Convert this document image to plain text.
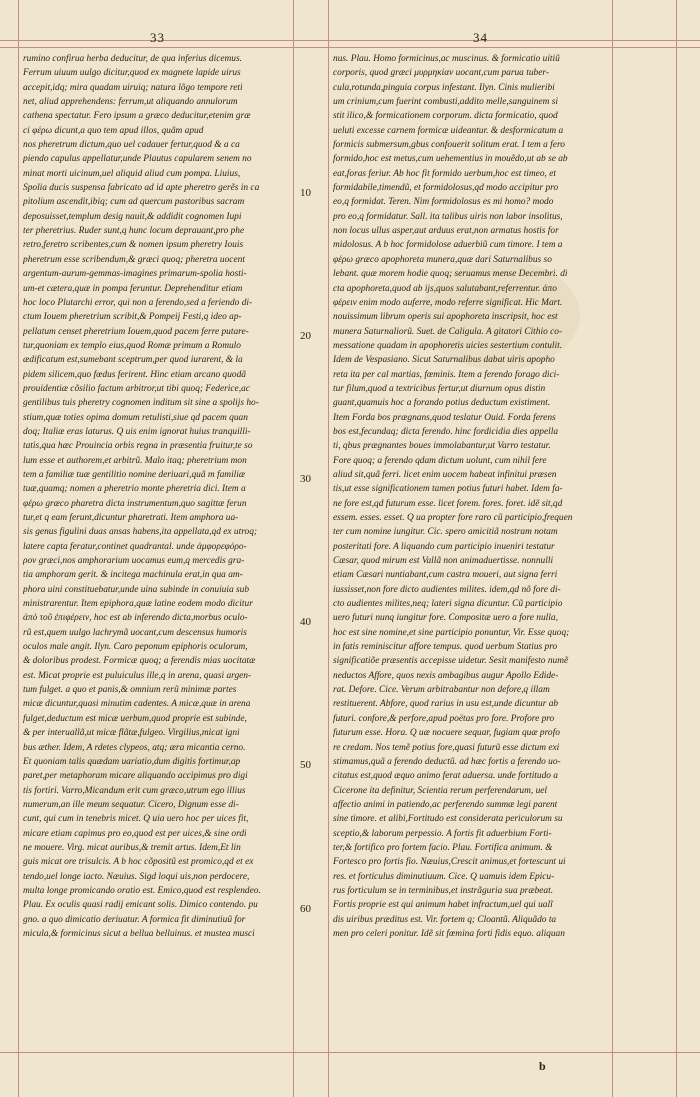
33	34

rumino confirua herba deducitur, de qua inferius dicemus.

Ferrum uiuum uulgo dicitur,quod ex magnete lapide uirus

accepit,idq; mira quadam uiruiq; natura lõgo tempore reti

net, aliud apprehendens: ferrum,ut aliquando annulorum

cathena spectatur. Fero ipsum a græco deducitur,etenim græ

ci φέρω dicunt,a quo tem apud illos, quãm apud

nos pheretrum dictum,quo uel cadauer fertur,quod & a ca

piendo capulus appellatur,unde Plautus capularem senem no

minat morti uicinum,uel aliquid aliud cum pompa. Liuius,

Spolia ducis suspensa fabricato ad id apte pheretro gerẽs in ca

pitolium ascendit,ibiq; cum ad quercum pastoribus sacram

deposuisset,templum desig nauit,& addidit cognomen Iupi

ter pheretrius. Ruder sunt,q hunc locum deprauant,pro phe

retro,feretro scribentes,cum & nomen ipsum pheretry Iouis

pheretrum esse scribendum,& græci quoq; pheretra uocent

argentum-aurum-gemmas-imagines primarum-spolia hosti-

um-et cætera,quæ in pompa feruntur. Deprehenditur etiam

hoc loco Plutarchi error, qui non a ferendo,sed a feriendo di-

ctum Iouem pheretrium scribit,& Pompeij Festi,q ideo ap-

pellatum censet pheretrium Iouem,quod pacem ferre putare-

tur,quoniam ex templo eius,quod Romæ primum a Romulo

ædificatum est,sumebant sceptrum,per quod iurarent, & la

pidem silicem,quo fœdus ferirent. Hinc etiam arcano quodã

prouidentiæ cõsilio factum arbitror,ut tibi quoq; Federice,ac

gentilibus tuis pheretry cognomen inditum sit sine a spolijs ho-

stium,quæ toties opima domum retulisti,siue qd pacem quan

doq; Italiæ eras laturus. Q uis enim ignorat huius tranquilli-

tatis,qua hæc Prouincia orbis regna in præsentia fruitur,te so

lum esse et authorem,et arbitrũ. Malo itaq; pheretrium mon

tem a familiæ tuæ gentilitio nomine deriuari,quã m familiæ

tuæ,quamq; nomen a pheretrio monte pheretria dici. Item a

φέρω græco pharetra dicta instrumentum,quo sagittæ ferun

tur,et q eam ferunt,dicuntur pharetrati. Item amphora ua-

sis genus figulini duas ansas habens,ita appellata,qd ex utroq;

latere capta feratur,continet quadrantal. unde ἀμφορεφόρο-

ρον græci,nos amphorarium uocamus eum,q mercedis gra-

tia amphoram gerit. & incitega machinula erat,in qua am-

phora uini constituebatur,unde uina subinde in conuiuia sub

ministrarentur. Item epiphora,quæ latine eodem modo dicitur

ἀπὸ τοῦ ἐπιφέρειν, hoc est ab inferendo dicta,morbus oculo-

rũ est,quem uulgo lachrymã uocant,cum descensus humoris

oculos male angit. Ilyn. Caro peponum epiphoris oculorum,

& doloribus prodest. Formicæ quoq; a ferendis mias uocitatæ

est. Micat proprie est puluiculus ille,q in arena, quasi argen-

tum fulget. a quo et panis,& omnium rerũ minimæ partes

micæ dicuntur,quasi minutim cadentes. A micæ,quæ in arena

fulget,deductum est micæ uerbum,quod proprie est subinde,

& per interuallã,ut micæ flãtæ,fulgeo. Virgilius,micat igni

bus æther. Idem, A rdetes clypeos, atq; æra micantia cerno.

Et quoniam talis quædam uariatio,dum digitis fortimur,ap

paret,per metaphoram micare aliquando accipimus pro digi

tis fortiri. Varro,Micandum erit cum græco,utrum ego illius

numerum,an ille meum sequatur. Cicero, Dignum esse di-

cunt, qui cum in tenebris micet. Q uia uero hoc per uices fit,

micare etiam capimus pro eo,quod est per uices,& sine ordi

ne mouere. Virg. micat auribus,& tremit artus. Idem,Et lin

guis micat ore trisulcis. A b hoc cõpositũ est promico,qd et ex

tendo,uel longe iacto. Næuius. Sigd loqui uis,non perdocere,

multa longe promicando oratio est. Emico,quod est resplendeo.

Plau. Ex oculis quasi radij emicant solis. Dimico contendo. pu

gno. a quo dimicatio deriuatur. A formica fit diminutiuũ for

micula,& formicinus sicut a bellua belluinus. et mustea musci

nus. Plau. Homo formicinus,ac muscinus. & formicatio uitiũ

corporis, quod græci μυρμηκίαν uocant,cum parua tuber-

cula,rotunda,pinguia corpus infestant. Ilyn. Cinis mulieribi

um crinium,cum fuerint combusti,addito melle,sanguinem si

stit ilico,& formicationem corporum. dicta formicatio, quod

ueluti excesse carnem formicæ uideantur. & desformicatum a

formicis submersum,gbus confouerit solitum erat. I tem a fero

formido,hoc est metus,cum uehementius in mouẽdo,ut ab se ab

eat,foras feriur. Ab hoc fit formido uerbum,hoc est timeo, et

formidabile,timendũ, et formidolosus,qd modo accipitur pro

eo,q formidat. Teren. Nim formidolosus es mi homo? modo

pro eo,q formidatur. Sall. ita talibus uiris non labor insolitus,

non locus ullus asper,aut arduus erat,non armatus hostis for

midolosus. A b hoc formidolose aduerbiũ cum timore. I tem a

φέρω græco apophoreta munera,quæ dari Saturnalibus so

lebant. quæ morem hodie quoq; seruamus mense Decembri. di

cta apophoreta,quod ab ijs,quos salutabant,referrentur. ἀπο

φέρειν enim modo auferre, modo referre significat. Hic Mart.

nouissimum librum operis sui apophoreta inscripsit, hoc est

munera Saturnaliorũ. Suet. de Caligula. A gitatori Cithio co-

messatione quadam in apophoretis uicies sestertium contulit.

Idem de Vespasiano. Sicut Saturnalibus dabat uiris apopho

reta ita per cal martias, fœminis. Item a ferendo forago dici-

tur filum,quod a textricibus fertur,ut diurnum opus distin

guant,quamuis hoc a forando potius deductum existiment.

Item Forda bos prægnans,quod teslatur Ouid. Forda ferens

bos est,fecundaq; dicta ferendo. hinc fordicidia dies appella

ti, qbus prægnantes boues immolabantur,ut Varro testatur.

Fore quoq; a ferendo qdam dictum uolunt, cum nihil fere

aliud sit,quã ferri. licet enim uocem habeat infinitui præsen

tis,ut esse significationem tamen potius futuri habet. Idem fa-

ne fore est,qd futurum esse. licet forem. fores. foret. idẽ sit,qd

essem. esses. esset. Q ua propter fore raro cũ participio,frequen

ter cum nomine iungitur. Cic. spero amicitiã nostram notam

posteritati fore. A liquando cum participio inueniri testatur

Cæsar, quod mirum est Vallã non animaduertisse. nonnulli

etiam Cæsari nuntiabant,cum castra moueri, aut signa ferri

iussisset,non fore dicto audientes milites. idem,qd nõ fore di-

cto audientes milites,neq; lateri signa dicuntur. Cũ participio

uero futuri nunq iungitur fore. Compositæ uero a fore nulla,

hoc est sine nomine,et sine participio ponuntur, Vir. Esse quoq;

in fatis reminiscitur affore tempus. quod uerbum Statius pro

significatiõe præsentis accepisse uidetur. Sesit manifesto numẽ

neductos Affore, quos nexis ambagibus augur Apollo Edide-

rat. Defore. Cice. Verum arbitrabantur non defore,q illam

restituerent. Abfore, quod rarius in usu est,unde dicuntur ab

futuri. confore,& perfore,apud poëtas pro fore. Profore pro

futurum esse. Hora. Q uæ nocuere sequar, fugiam quæ profo

re credam. Nos temẽ potius fore,quasi futurũ esse dictum exi

stimamus,quã a ferendo deductũ. ad hæc fortis a ferendo uo-

citatus est,quod æquo animo ferat aduersa. unde fortitudo a

Cicerone ita definitur, Scientia rerum perferendarum, uel

affectio animi in patiendo,ac perferendo summæ legi parent

sine timore. et alibi,Fortitudo est considerata periculorum su

sceptio,& laborum perpessio. A fortis fit aduerbium Forti-

ter,& fortifico pro fortem facio. Plau. Fortifica animum. &

Fortesco pro fortis fio. Næuius,Crescit animus,et fortescunt ui

res. et forticulus diminutiuum. Cice. Q uamuis idem Epicu-

rus forticulum se in terminibus,et instrãguria sua præbeat.

Fortis proprie est qui animum habet infractum,uel qui ualĩ

dis uiribus præditus est. Vir. fortem q; Cloantũ. Aliquãdo ta

men pro celeri ponitur. Idẽ sit fœmina forti fidis equo. aliquan

10
20
30
40
50
60
b
